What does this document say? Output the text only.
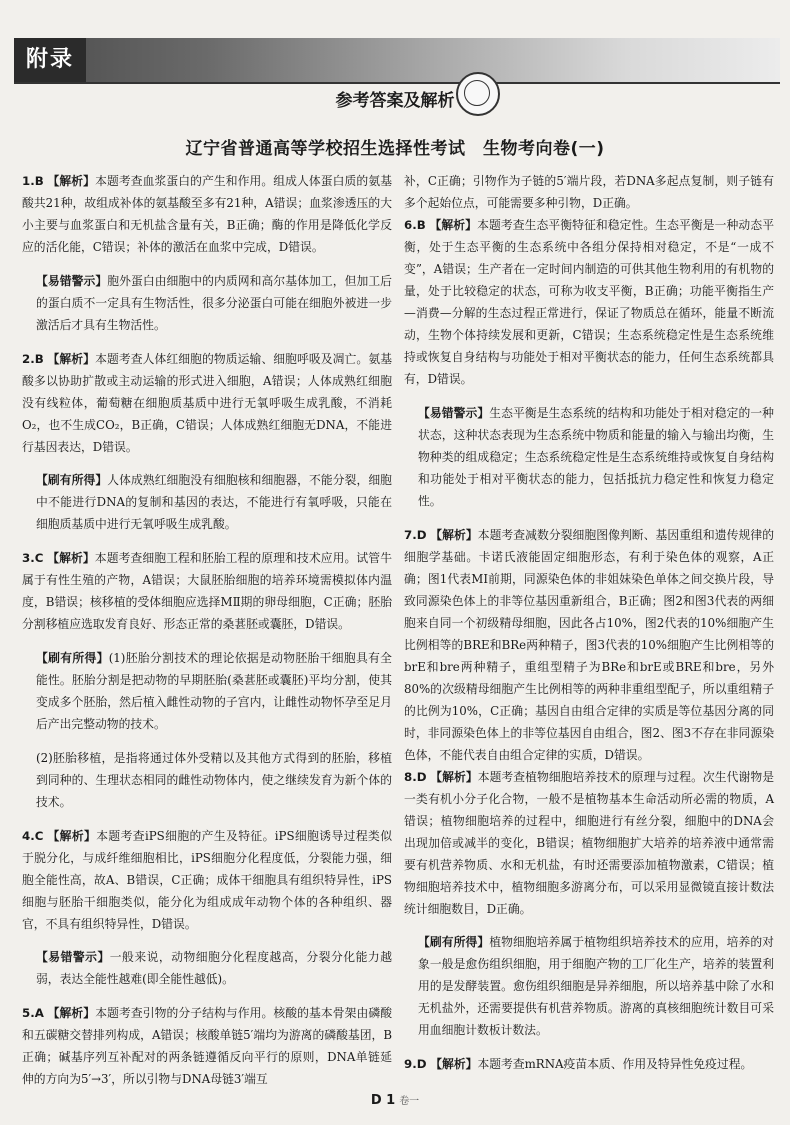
附录
参考答案及解析
辽宁省普通高等学校招生选择性考试　生物考向卷(一)

1.B 【解析】本题考查血浆蛋白的产生和作用。组成人体蛋白质的氨基酸共21种，故组成补体的氨基酸至多有21种，A错误；血浆渗透压的大小主要与血浆蛋白和无机盐含量有关，B正确；酶的作用是降低化学反应的活化能，C错误；补体的激活在血浆中完成，D错误。

【易错警示】胞外蛋白由细胞中的内质网和高尔基体加工，但加工后的蛋白质不一定具有生物活性，很多分泌蛋白可能在细胞外被进一步激活后才具有生物活性。

2.B 【解析】本题考查人体红细胞的物质运输、细胞呼吸及凋亡。氨基酸多以协助扩散或主动运输的形式进入细胞，A错误；人体成熟红细胞没有线粒体，葡萄糖在细胞质基质中进行无氧呼吸生成乳酸，不消耗O₂，也不生成CO₂，B正确，C错误；人体成熟红细胞无DNA，不能进行基因表达，D错误。

【刷有所得】人体成熟红细胞没有细胞核和细胞器，不能分裂，细胞中不能进行DNA的复制和基因的表达，不能进行有氧呼吸，只能在细胞质基质中进行无氧呼吸生成乳酸。

3.C 【解析】本题考查细胞工程和胚胎工程的原理和技术应用。试管牛属于有性生殖的产物，A错误；大鼠胚胎细胞的培养环境需模拟体内温度，B错误；核移植的受体细胞应选择MⅡ期的卵母细胞，C正确；胚胎分割移植应选取发育良好、形态正常的桑葚胚或囊胚，D错误。

【刷有所得】(1)胚胎分割技术的理论依据是动物胚胎干细胞具有全能性。胚胎分割是把动物的早期胚胎(桑葚胚或囊胚)平均分割，使其变成多个胚胎，然后植入雌性动物的子宫内，让雌性动物怀孕至足月后产出完整动物的技术。

(2)胚胎移植，是指将通过体外受精以及其他方式得到的胚胎，移植到同种的、生理状态相同的雌性动物体内，使之继续发育为新个体的技术。

4.C 【解析】本题考查iPS细胞的产生及特征。iPS细胞诱导过程类似于脱分化，与成纤维细胞相比，iPS细胞分化程度低，分裂能力强，细胞全能性高，故A、B错误，C正确；成体干细胞具有组织特异性，iPS细胞与胚胎干细胞类似，能分化为组成成年动物个体的各种组织、器官，不具有组织特异性，D错误。

【易错警示】一般来说，动物细胞分化程度越高，分裂分化能力越弱，表达全能性越难(即全能性越低)。

5.A 【解析】本题考查引物的分子结构与作用。核酸的基本骨架由磷酸和五碳糖交替排列构成，A错误；核酸单链5′端均为游离的磷酸基团，B正确；碱基序列互补配对的两条链遵循反向平行的原则，DNA单链延伸的方向为5′→3′，所以引物与DNA母链3′端互

补，C正确；引物作为子链的5′端片段，若DNA多起点复制，则子链有多个起始位点，可能需要多种引物，D正确。

6.B 【解析】本题考查生态平衡特征和稳定性。生态平衡是一种动态平衡，处于生态平衡的生态系统中各组分保持相对稳定，不是“一成不变”，A错误；生产者在一定时间内制造的可供其他生物利用的有机物的量，处于比较稳定的状态，可称为收支平衡，B正确；功能平衡指生产—消费—分解的生态过程正常进行，保证了物质总在循环，能量不断流动，生物个体持续发展和更新，C错误；生态系统稳定性是生态系统维持或恢复自身结构与功能处于相对平衡状态的能力，任何生态系统都具有，D错误。

【易错警示】生态平衡是生态系统的结构和功能处于相对稳定的一种状态，这种状态表现为生态系统中物质和能量的输入与输出均衡，生物种类的组成稳定；生态系统稳定性是生态系统维持或恢复自身结构和功能处于相对平衡状态的能力，包括抵抗力稳定性和恢复力稳定性。

7.D 【解析】本题考查减数分裂细胞图像判断、基因重组和遗传规律的细胞学基础。卡诺氏液能固定细胞形态，有利于染色体的观察，A正确；图1代表MⅠ前期，同源染色体的非姐妹染色单体之间交换片段，导致同源染色体上的非等位基因重新组合，B正确；图2和图3代表的两细胞来自同一个初级精母细胞，因此各占10%，图2代表的10%细胞产生比例相等的BRE和BRe两种精子，图3代表的10%细胞产生比例相等的brE和bre两种精子，重组型精子为BRe和brE或BRE和bre，另外80%的次级精母细胞产生比例相等的两种非重组型配子，所以重组精子的比例为10%，C正确；基因自由组合定律的实质是等位基因分离的同时，非同源染色体上的非等位基因自由组合，图2、图3不存在非同源染色体，不能代表自由组合定律的实质，D错误。

8.D 【解析】本题考查植物细胞培养技术的原理与过程。次生代谢物是一类有机小分子化合物，一般不是植物基本生命活动所必需的物质，A错误；植物细胞培养的过程中，细胞进行有丝分裂，细胞中的DNA会出现加倍或减半的变化，B错误；植物细胞扩大培养的培养液中通常需要有机营养物质、水和无机盐，有时还需要添加植物激素，C错误；植物细胞培养技术中，植物细胞多游离分布，可以采用显微镜直接计数法统计细胞数目，D正确。

【刷有所得】植物细胞培养属于植物组织培养技术的应用，培养的对象一般是愈伤组织细胞，用于细胞产物的工厂化生产，培养的装置利用的是发酵装置。愈伤组织细胞是异养细胞，所以培养基中除了水和无机盐外，还需要提供有机营养物质。游离的真核细胞统计数目可采用血细胞计数板计数法。

9.D 【解析】本题考查mRNA疫苗本质、作用及特异性免疫过程。

D 1 卷一
